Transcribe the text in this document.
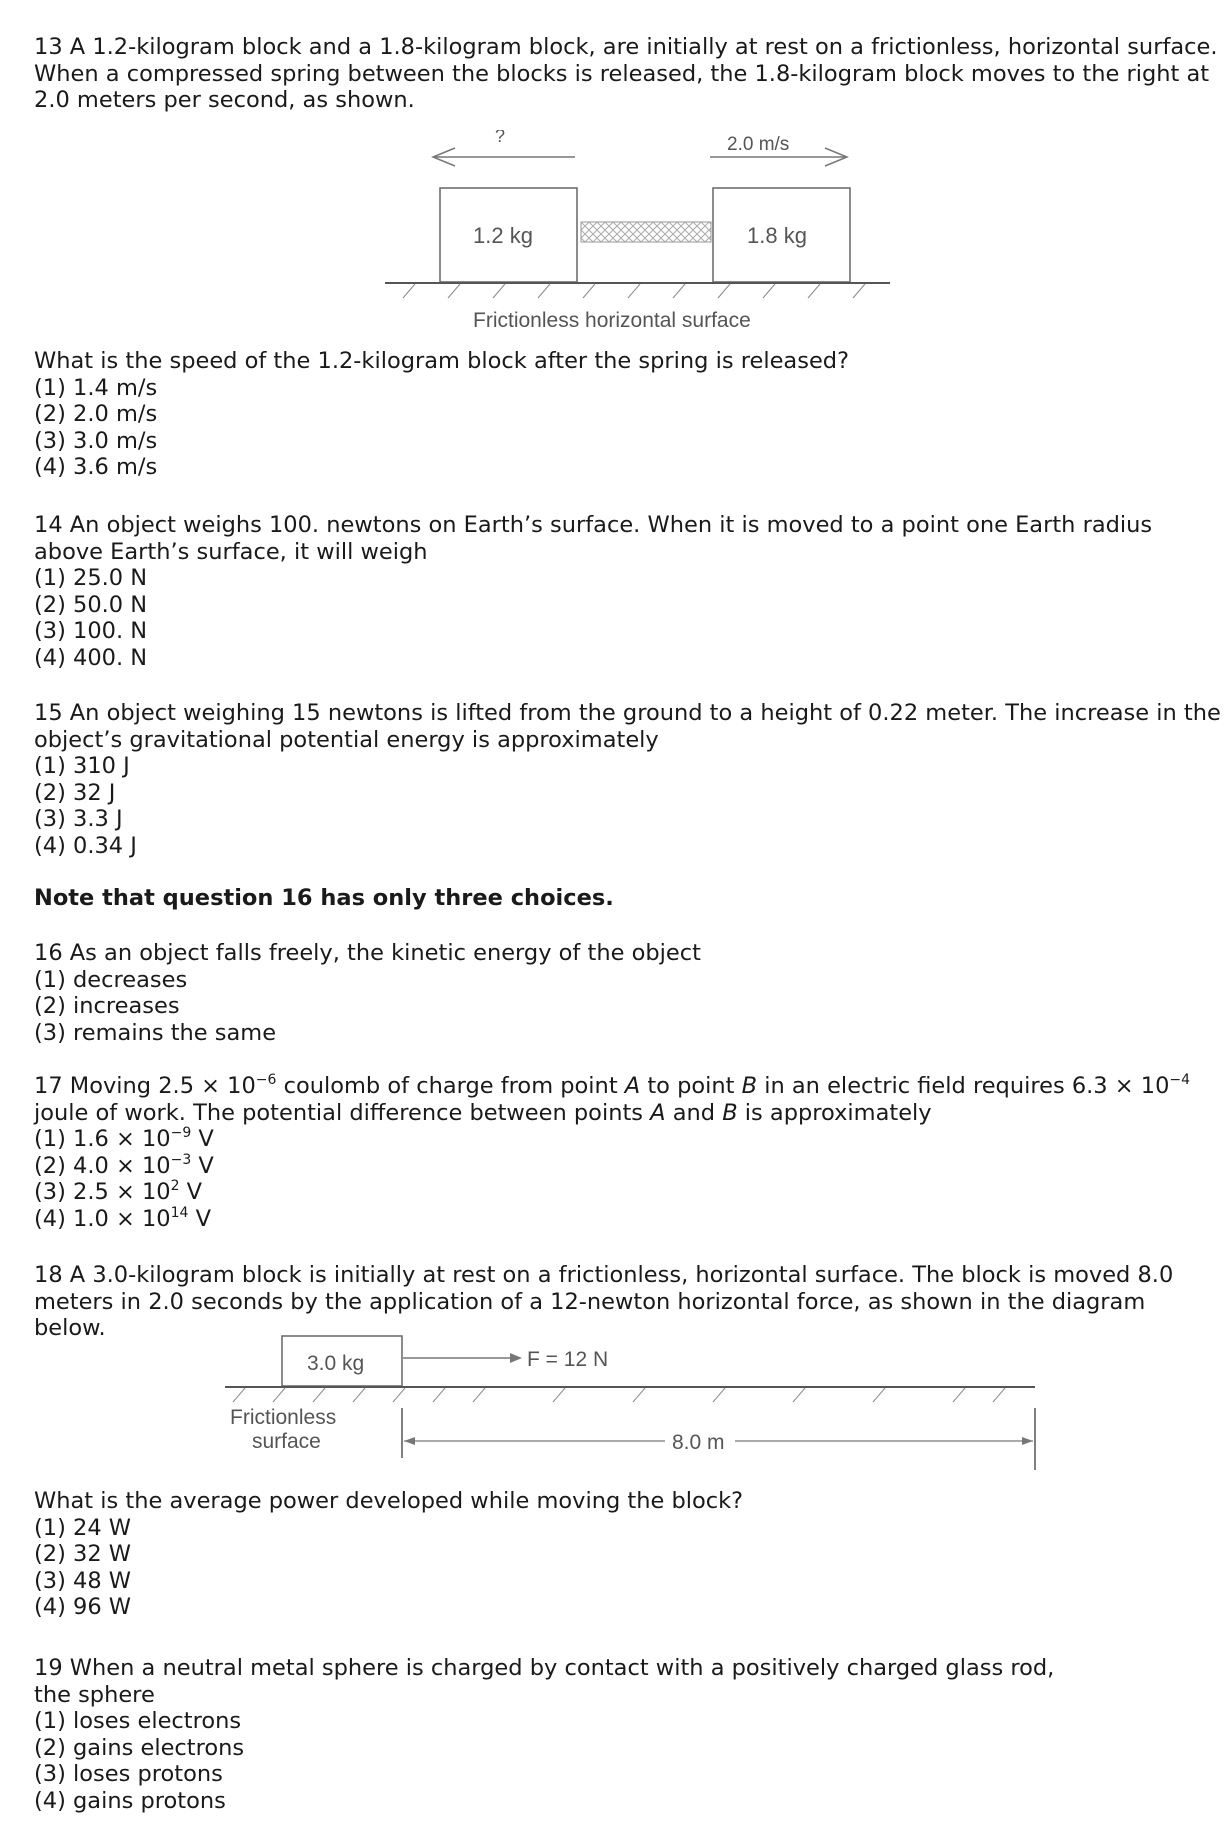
13 A 1.2-kilogram block and a 1.8-kilogram block, are initially at rest on a frictionless, horizontal surface. When a compressed spring between the blocks is released, the 1.8-kilogram block moves to the right at 2.0 meters per second, as shown.

?	2.0 m/s
1.2 kg	1.8 kg
Frictionless horizontal surface

What is the speed of the 1.2-kilogram block after the spring is released?

(1) 1.4 m/s
(2) 2.0 m/s
(3) 3.0 m/s
(4) 3.6 m/s

14 An object weighs 100. newtons on Earth’s surface. When it is moved to a point one Earth radius above Earth’s surface, it will weigh

(1) 25.0 N
(2) 50.0 N
(3) 100. N
(4) 400. N

15 An object weighing 15 newtons is lifted from the ground to a height of 0.22 meter. The increase in the object’s gravitational potential energy is approximately

(1) 310 J
(2) 32 J
(3) 3.3 J
(4) 0.34 J

Note that question 16 has only three choices.

16 As an object falls freely, the kinetic energy of the object

(1) decreases
(2) increases
(3) remains the same

17 Moving $2.5 \times 10^{-6}$ coulomb of charge from point A to point B in an electric field requires $6.3 \times 10^{-4}$
joule of work. The potential difference between points A and B is approximately

(1) $1.6 \times 10^{-9}$ V
(2) $4.0 \times 10^{-3}$ V
(3) $2.5 \times 10^2$ V
(4) $1.0 \times 10^{14}$ V

18 A 3.0-kilogram block is initially at rest on a frictionless, horizontal surface. The block is moved 8.0 meters in 2.0 seconds by the application of a 12-newton horizontal force, as shown in the diagram below.

3.0 kg	F = 12 N
Frictionless
surface	8.0 m

What is the average power developed while moving the block?

(1) 24 W
(2) 32 W
(3) 48 W
(4) 96 W

19 When a neutral metal sphere is charged by contact with a positively charged glass rod, the sphere

(1) loses electrons
(2) gains electrons
(3) loses protons
(4) gains protons
